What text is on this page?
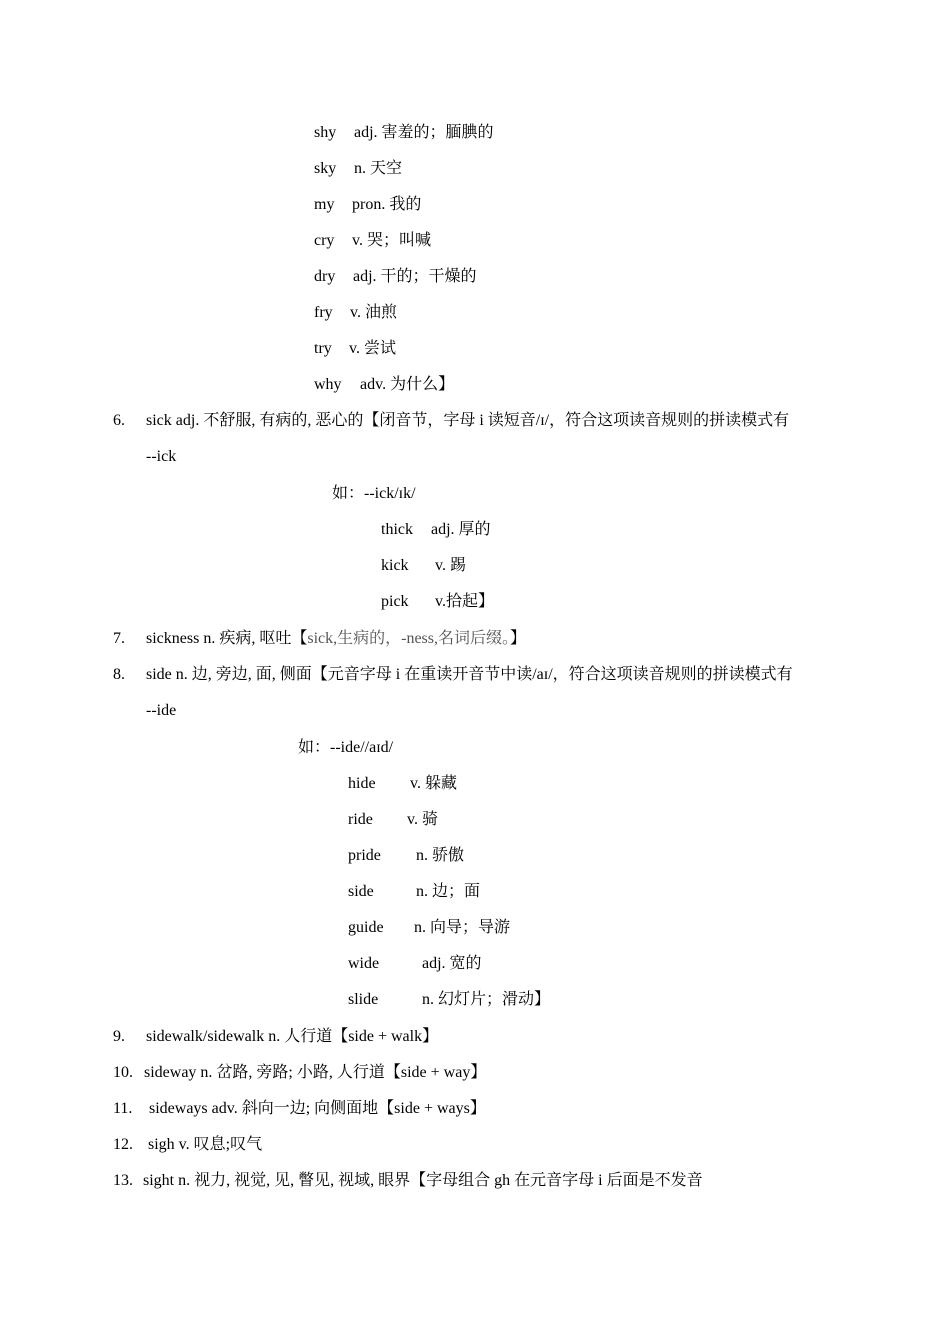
shy adj. 害羞的；腼腆的
sky n. 天空
my pron. 我的
cry v. 哭；叫喊
dry adj. 干的；干燥的
fry v. 油煎
try v. 尝试
why adv. 为什么】
6. sick adj. 不舒服, 有病的, 恶心的【闭音节，字母 i 读短音/ɪ/，符合这项读音规则的拼读模式有
--ick
如：--ick/ɪk/
thick adj. 厚的
kick v. 踢
pick v.拾起】
7. sickness n. 疾病, 呕吐【sick,生病的，-ness,名词后缀。】
8. side n. 边, 旁边, 面, 侧面【元音字母 i 在重读开音节中读/aɪ/，符合这项读音规则的拼读模式有
--ide
如：--ide//aɪd/
hide v. 躲藏
ride v. 骑
pride n. 骄傲
side	n. 边；面
guide n. 向导；导游
wide	adj. 宽的
slide	n. 幻灯片；滑动】
9. sidewalk/sidewalk n. 人行道【side + walk】
10. sideway n. 岔路, 旁路; 小路, 人行道【side + way】
11. sideways adv. 斜向一边; 向侧面地【side + ways】
12. sigh v. 叹息;叹气
13. sight n. 视力, 视觉, 见, 瞥见, 视域, 眼界【字母组合 gh 在元音字母 i 后面是不发音
